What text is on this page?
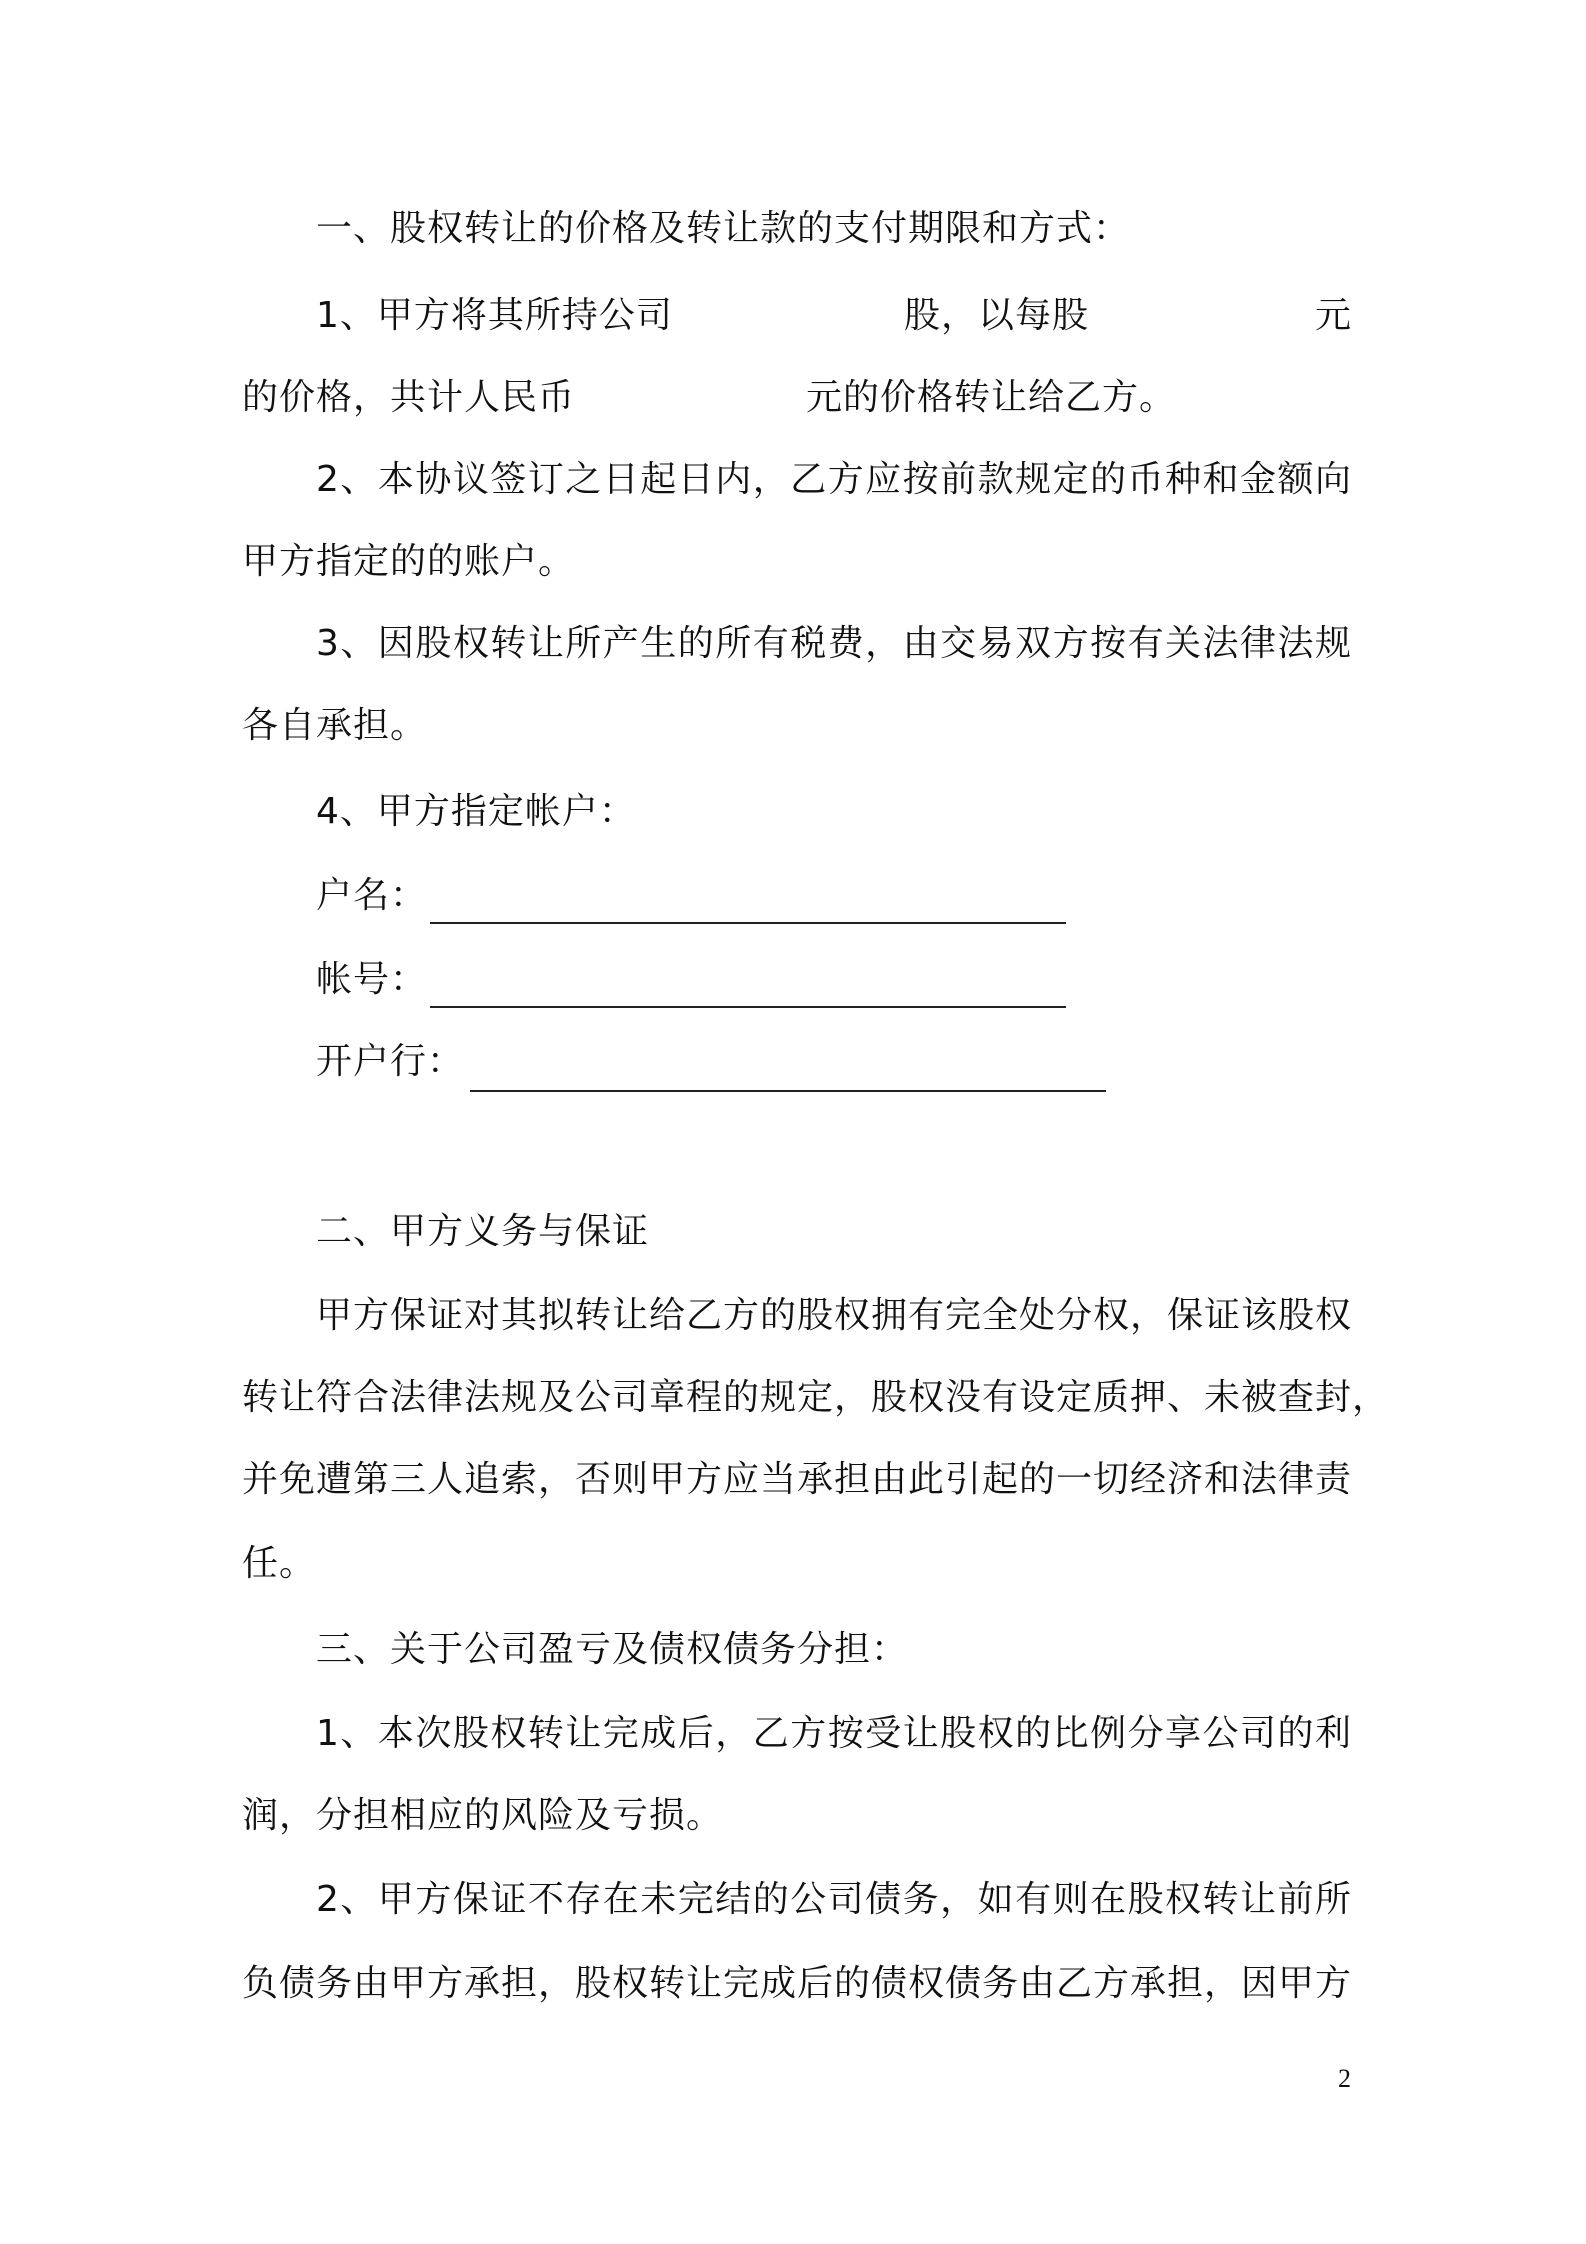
一、股权转让的价格及转让款的支付期限和方式：
1、甲方将其所持公司	股，以每股	元
的价格，共计人民币	元的价格转让给乙方。
2、本协议签订之日起日内，乙方应按前款规定的币种和金额向
甲方指定的的账户。
3、因股权转让所产生的所有税费，由交易双方按有关法律法规
各自承担。
4、甲方指定帐户：
户名：
帐号：
开户行：
二、甲方义务与保证
甲方保证对其拟转让给乙方的股权拥有完全处分权，保证该股权
转让符合法律法规及公司章程的规定，股权没有设定质押、未被查封，
并免遭第三人追索，否则甲方应当承担由此引起的一切经济和法律责
任。
三、关于公司盈亏及债权债务分担：
1、本次股权转让完成后，乙方按受让股权的比例分享公司的利
润，分担相应的风险及亏损。
2、甲方保证不存在未完结的公司债务，如有则在股权转让前所
负债务由甲方承担，股权转让完成后的债权债务由乙方承担，因甲方
2
